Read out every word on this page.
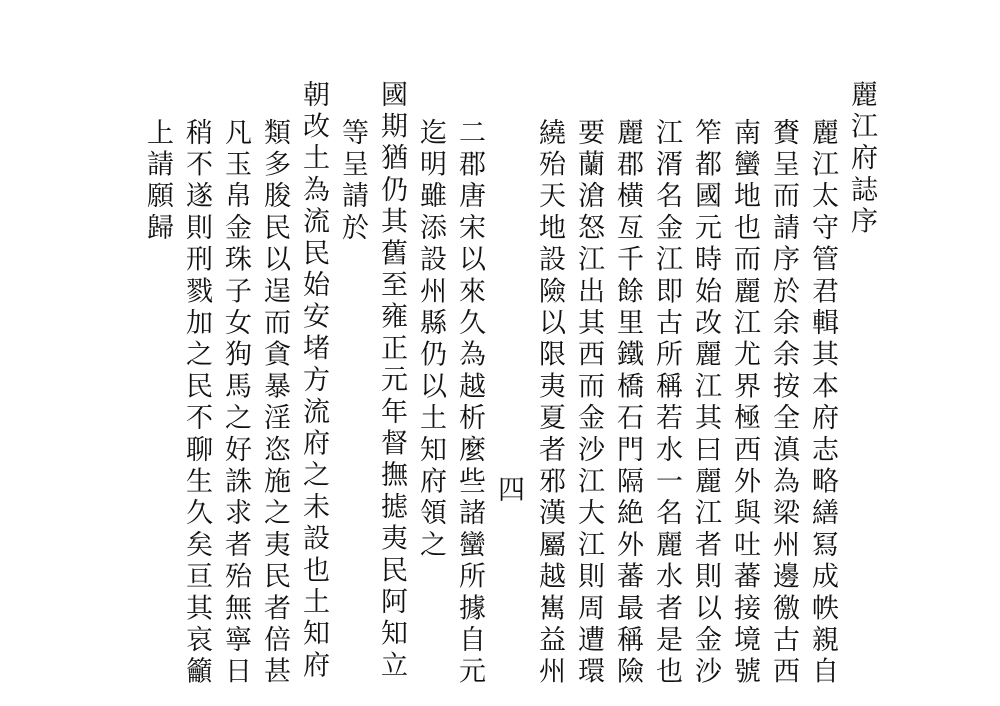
麗江府誌序
麗江太守管君輯其本府志略繕冩成帙親自
賚呈而請序於余余按全滇為梁州邊徼古西
南蠻地也而麗江尤界極西外與吐蕃接境號
笮都國元時始改麗江其曰麗江者則以金沙
江湑名金江即古所稱若水一名麗水者是也
麗郡横亙千餘里鐵橋石門隔絶外蕃最稱險
要蘭滄怒江出其西而金沙江大江則周遭環
繞殆天地設險以限夷夏者邪漢屬越嶲益州
四
二郡唐宋以來久為越析麼些諸蠻所據自元
迄明雖添設州縣仍以土知府領之
國期猶仍其舊至雍正元年督撫摅夷民阿知立
等呈請於
朝改土為流民始安堵方流府之未設也土知府
類多朘民以逞而貪暴淫恣施之夷民者倍甚
凡玉帛金珠子女狗馬之好誅求者殆無寧日
稍不遂則刑戮加之民不聊生久矣亘其哀籲
上請願歸
